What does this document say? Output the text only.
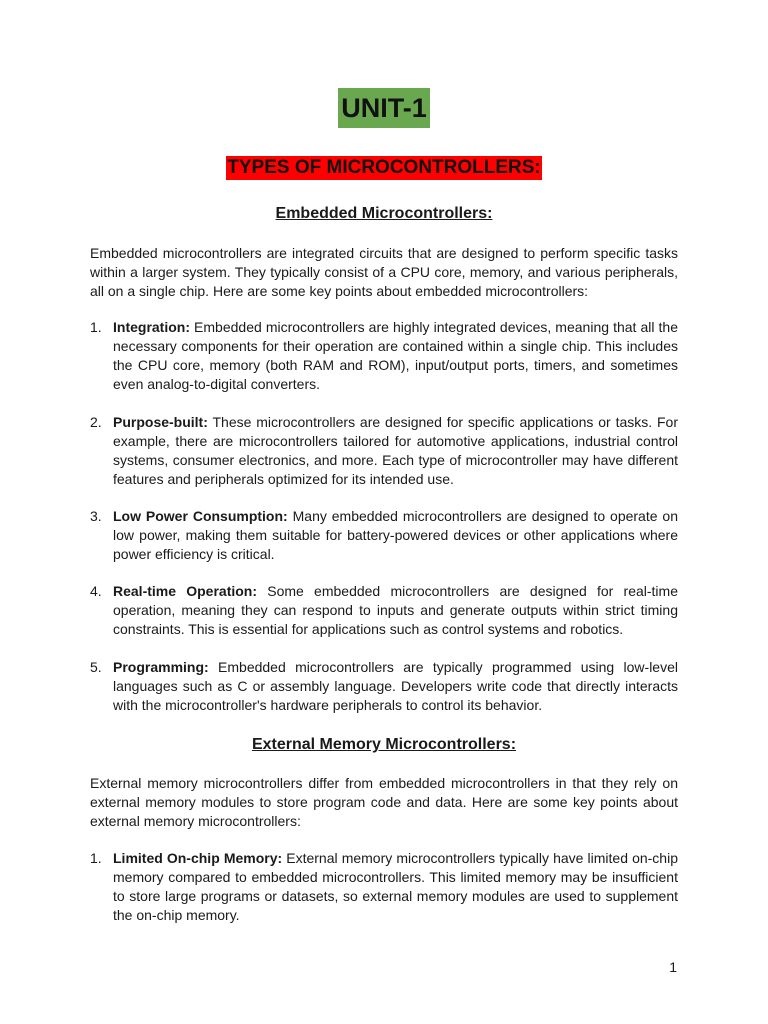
UNIT-1
TYPES OF MICROCONTROLLERS:
Embedded Microcontrollers:

Embedded microcontrollers are integrated circuits that are designed to perform specific tasks within a larger system. They typically consist of a CPU core, memory, and various peripherals, all on a single chip. Here are some key points about embedded microcontrollers:

1. Integration: Embedded microcontrollers are highly integrated devices, meaning that all the necessary components for their operation are contained within a single chip. This includes the CPU core, memory (both RAM and ROM), input/output ports, timers, and sometimes even analog-to-digital converters.
2. Purpose-built: These microcontrollers are designed for specific applications or tasks. For example, there are microcontrollers tailored for automotive applications, industrial control systems, consumer electronics, and more. Each type of microcontroller may have different features and peripherals optimized for its intended use.
3. Low Power Consumption: Many embedded microcontrollers are designed to operate on low power, making them suitable for battery-powered devices or other applications where power efficiency is critical.
4. Real-time Operation: Some embedded microcontrollers are designed for real-time operation, meaning they can respond to inputs and generate outputs within strict timing constraints. This is essential for applications such as control systems and robotics.
5. Programming: Embedded microcontrollers are typically programmed using low-level languages such as C or assembly language. Developers write code that directly interacts with the microcontroller's hardware peripherals to control its behavior.
External Memory Microcontrollers:

External memory microcontrollers differ from embedded microcontrollers in that they rely on external memory modules to store program code and data. Here are some key points about external memory microcontrollers:

1. Limited On-chip Memory: External memory microcontrollers typically have limited on-chip memory compared to embedded microcontrollers. This limited memory may be insufficient to store large programs or datasets, so external memory modules are used to supplement the on-chip memory.
1
